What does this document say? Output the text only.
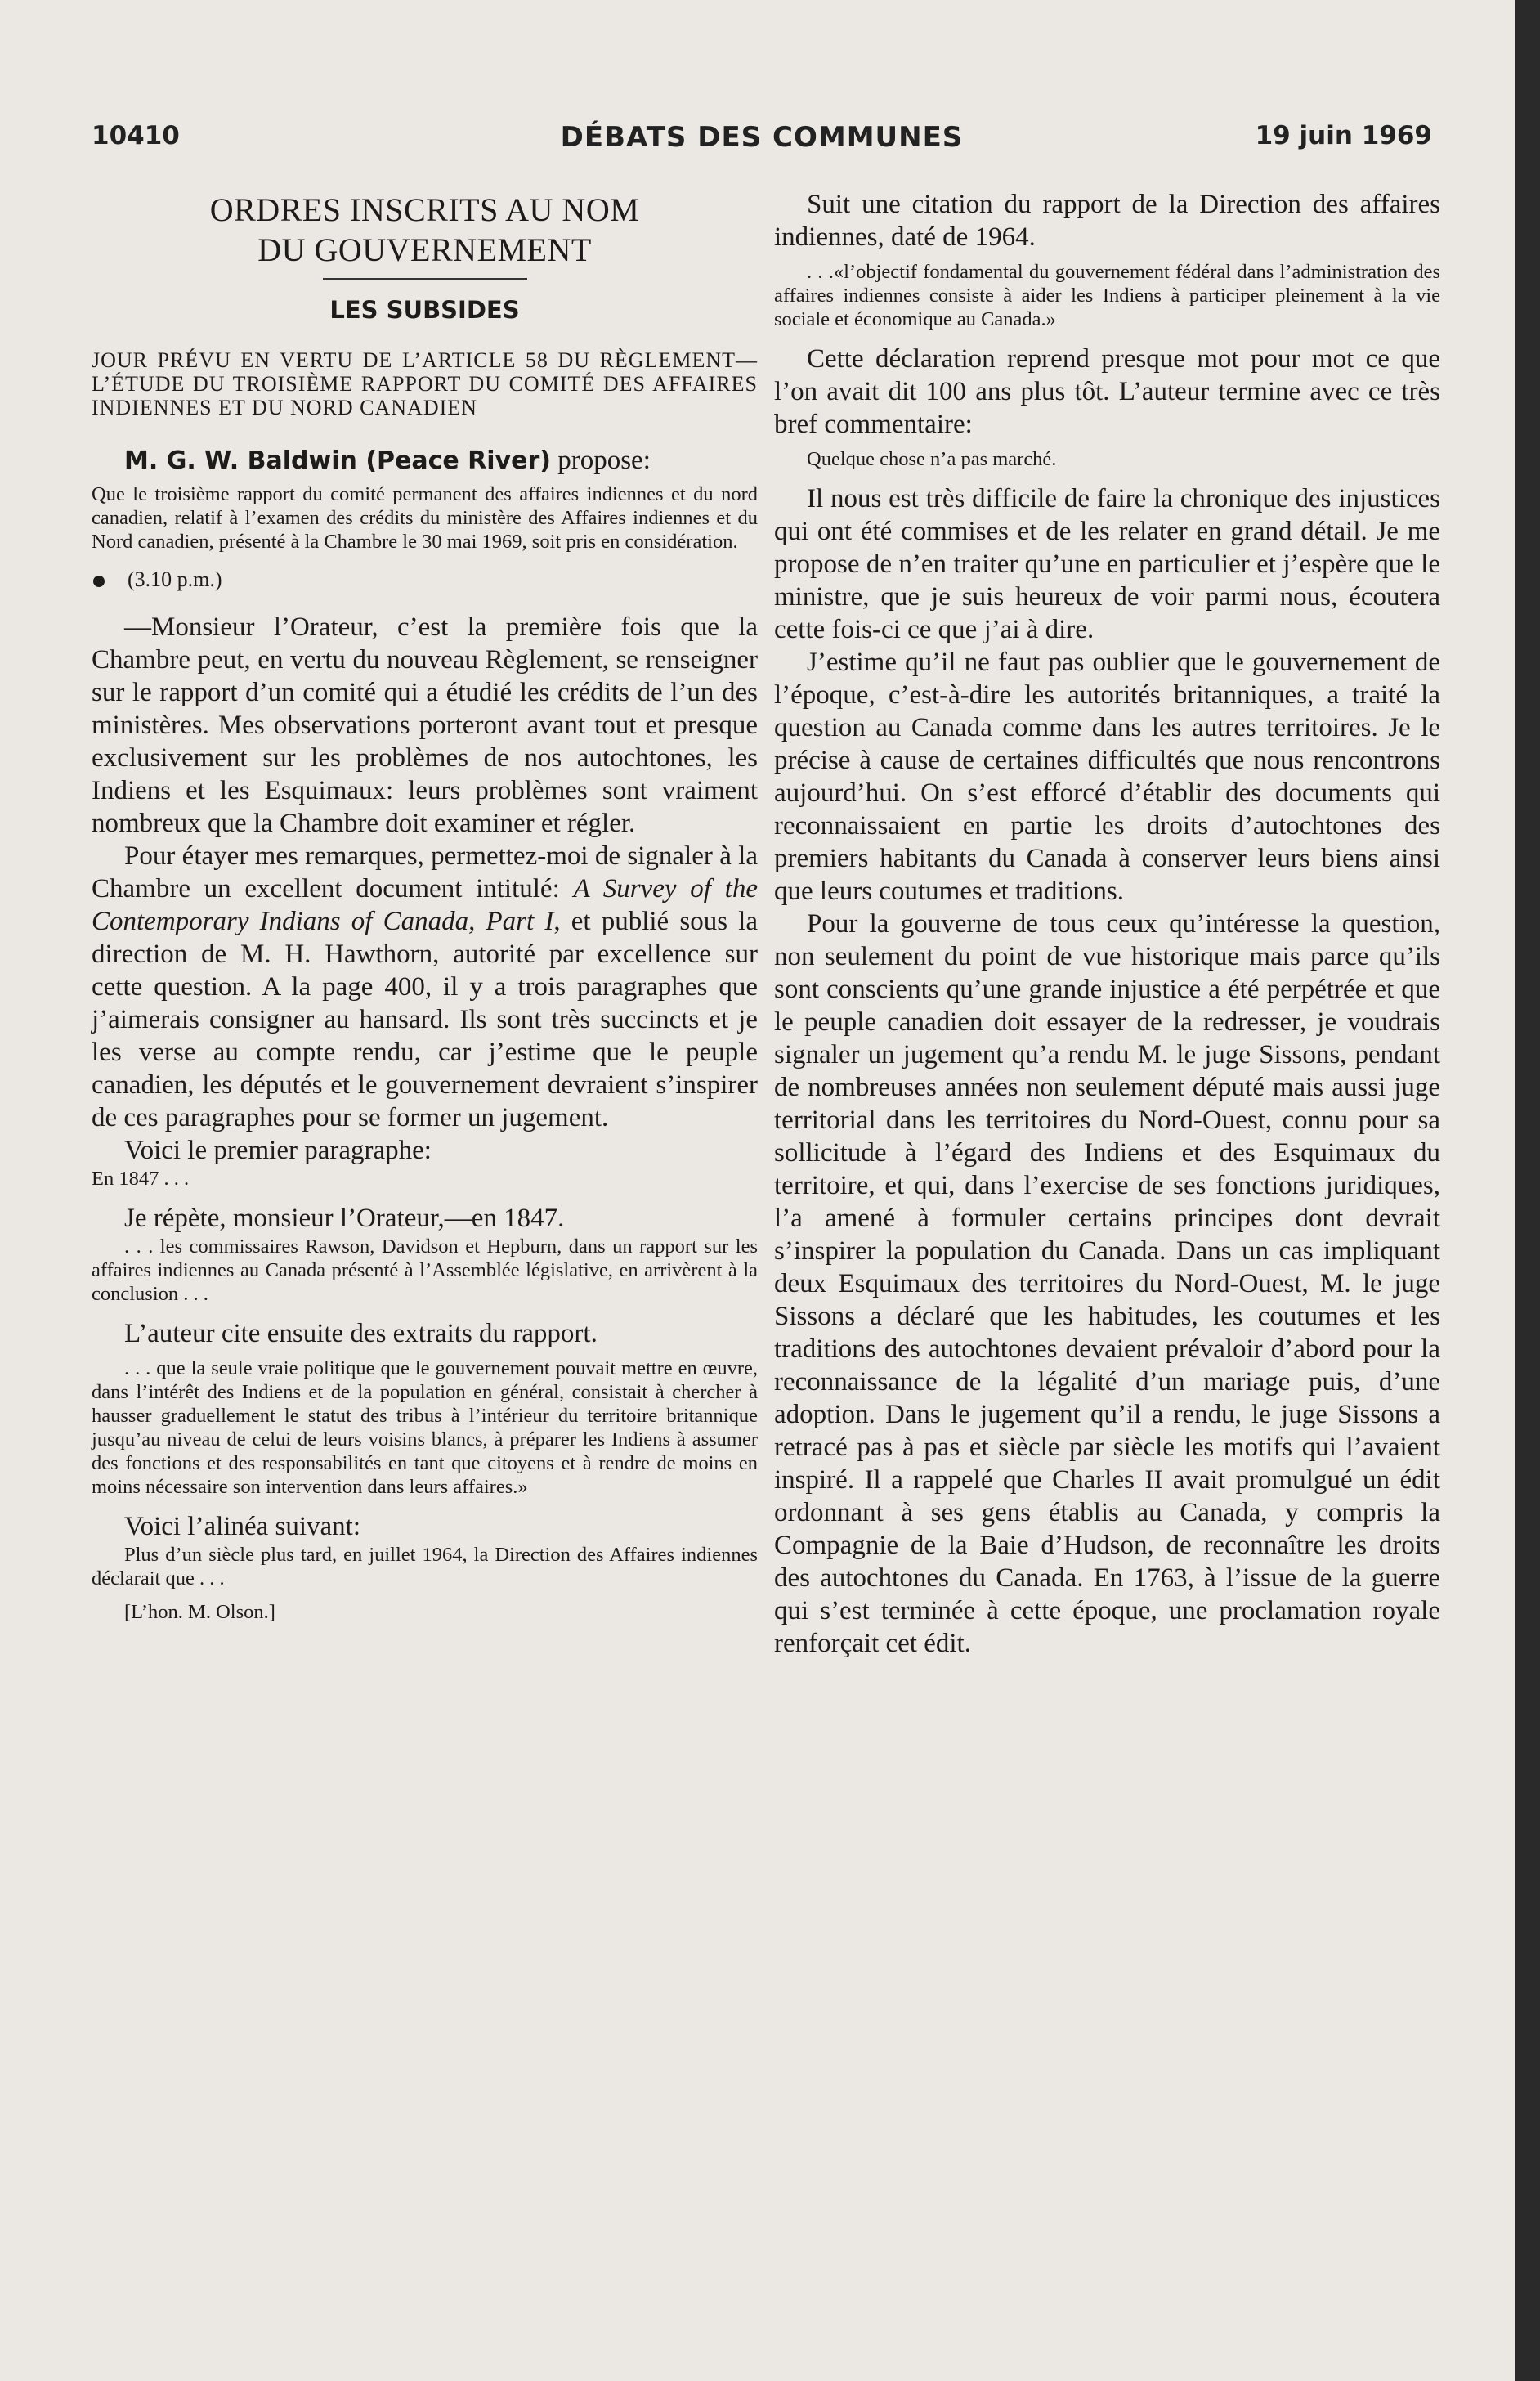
10410	DÉBATS DES COMMUNES	19 juin 1969
ORDRES INSCRITS AU NOM
DU GOUVERNEMENT
LES SUBSIDES
JOUR PRÉVU EN VERTU DE L’ARTICLE 58 DU RÈGLEMENT—L’ÉTUDE DU TROISIÈME RAPPORT DU COMITÉ DES AFFAIRES INDIENNES ET DU NORD CANADIEN
M. G. W. Baldwin (Peace River) propose:
Que le troisième rapport du comité permanent des affaires indiennes et du nord canadien, relatif à l’examen des crédits du ministère des Affaires indiennes et du Nord canadien, présenté à la Chambre le 30 mai 1969, soit pris en considération.
(3.10 p.m.)

—Monsieur l’Orateur, c’est la première fois que la Chambre peut, en vertu du nouveau Règlement, se renseigner sur le rapport d’un comité qui a étudié les crédits de l’un des ministères. Mes observations porteront avant tout et presque exclusivement sur les problèmes de nos autochtones, les Indiens et les Esquimaux: leurs problèmes sont vraiment nombreux que la Chambre doit examiner et régler.

Pour étayer mes remarques, permettez-moi de signaler à la Chambre un excellent document intitulé: A Survey of the Contemporary Indians of Canada, Part I, et publié sous la direction de M. H. Hawthorn, autorité par excellence sur cette question. A la page 400, il y a trois paragraphes que j’aimerais consigner au hansard. Ils sont très succincts et je les verse au compte rendu, car j’estime que le peuple canadien, les députés et le gouvernement devraient s’inspirer de ces paragraphes pour se former un jugement.

Voici le premier paragraphe:

En 1847 . . .

Je répète, monsieur l’Orateur,—en 1847.

. . . les commissaires Rawson, Davidson et Hepburn, dans un rapport sur les affaires indiennes au Canada présenté à l’Assemblée législative, en arrivèrent à la conclusion . . .

L’auteur cite ensuite des extraits du rapport.

. . . que la seule vraie politique que le gouvernement pouvait mettre en œuvre, dans l’intérêt des Indiens et de la population en général, consistait à chercher à hausser graduellement le statut des tribus à l’intérieur du territoire britannique jusqu’au niveau de celui de leurs voisins blancs, à préparer les Indiens à assumer des fonctions et des responsabilités en tant que citoyens et à rendre de moins en moins nécessaire son intervention dans leurs affaires.»

Voici l’alinéa suivant:

Plus d’un siècle plus tard, en juillet 1964, la Direction des Affaires indiennes déclarait que . . .
[L’hon. M. Olson.]

Suit une citation du rapport de la Direction des affaires indiennes, daté de 1964.

. . .«l’objectif fondamental du gouvernement fédéral dans l’administration des affaires indiennes consiste à aider les Indiens à participer pleinement à la vie sociale et économique au Canada.»

Cette déclaration reprend presque mot pour mot ce que l’on avait dit 100 ans plus tôt. L’auteur termine avec ce très bref commentaire:

Quelque chose n’a pas marché.

Il nous est très difficile de faire la chronique des injustices qui ont été commises et de les relater en grand détail. Je me propose de n’en traiter qu’une en particulier et j’espère que le ministre, que je suis heureux de voir parmi nous, écoutera cette fois-ci ce que j’ai à dire.

J’estime qu’il ne faut pas oublier que le gouvernement de l’époque, c’est-à-dire les autorités britanniques, a traité la question au Canada comme dans les autres territoires. Je le précise à cause de certaines difficultés que nous rencontrons aujourd’hui. On s’est efforcé d’établir des documents qui reconnaissaient en partie les droits d’autochtones des premiers habitants du Canada à conserver leurs biens ainsi que leurs coutumes et traditions.

Pour la gouverne de tous ceux qu’intéresse la question, non seulement du point de vue historique mais parce qu’ils sont conscients qu’une grande injustice a été perpétrée et que le peuple canadien doit essayer de la redresser, je voudrais signaler un jugement qu’a rendu M. le juge Sissons, pendant de nombreuses années non seulement député mais aussi juge territorial dans les territoires du Nord-Ouest, connu pour sa sollicitude à l’égard des Indiens et des Esquimaux du territoire, et qui, dans l’exercise de ses fonctions juridiques, l’a amené à formuler certains principes dont devrait s’inspirer la population du Canada. Dans un cas impliquant deux Esquimaux des territoires du Nord-Ouest, M. le juge Sissons a déclaré que les habitudes, les coutumes et les traditions des autochtones devaient prévaloir d’abord pour la reconnaissance de la légalité d’un mariage puis, d’une adoption. Dans le jugement qu’il a rendu, le juge Sissons a retracé pas à pas et siècle par siècle les motifs qui l’avaient inspiré. Il a rappelé que Charles II avait promulgué un édit ordonnant à ses gens établis au Canada, y compris la Compagnie de la Baie d’Hudson, de reconnaître les droits des autochtones du Canada. En 1763, à l’issue de la guerre qui s’est terminée à cette époque, une proclamation royale renforçait cet édit.
